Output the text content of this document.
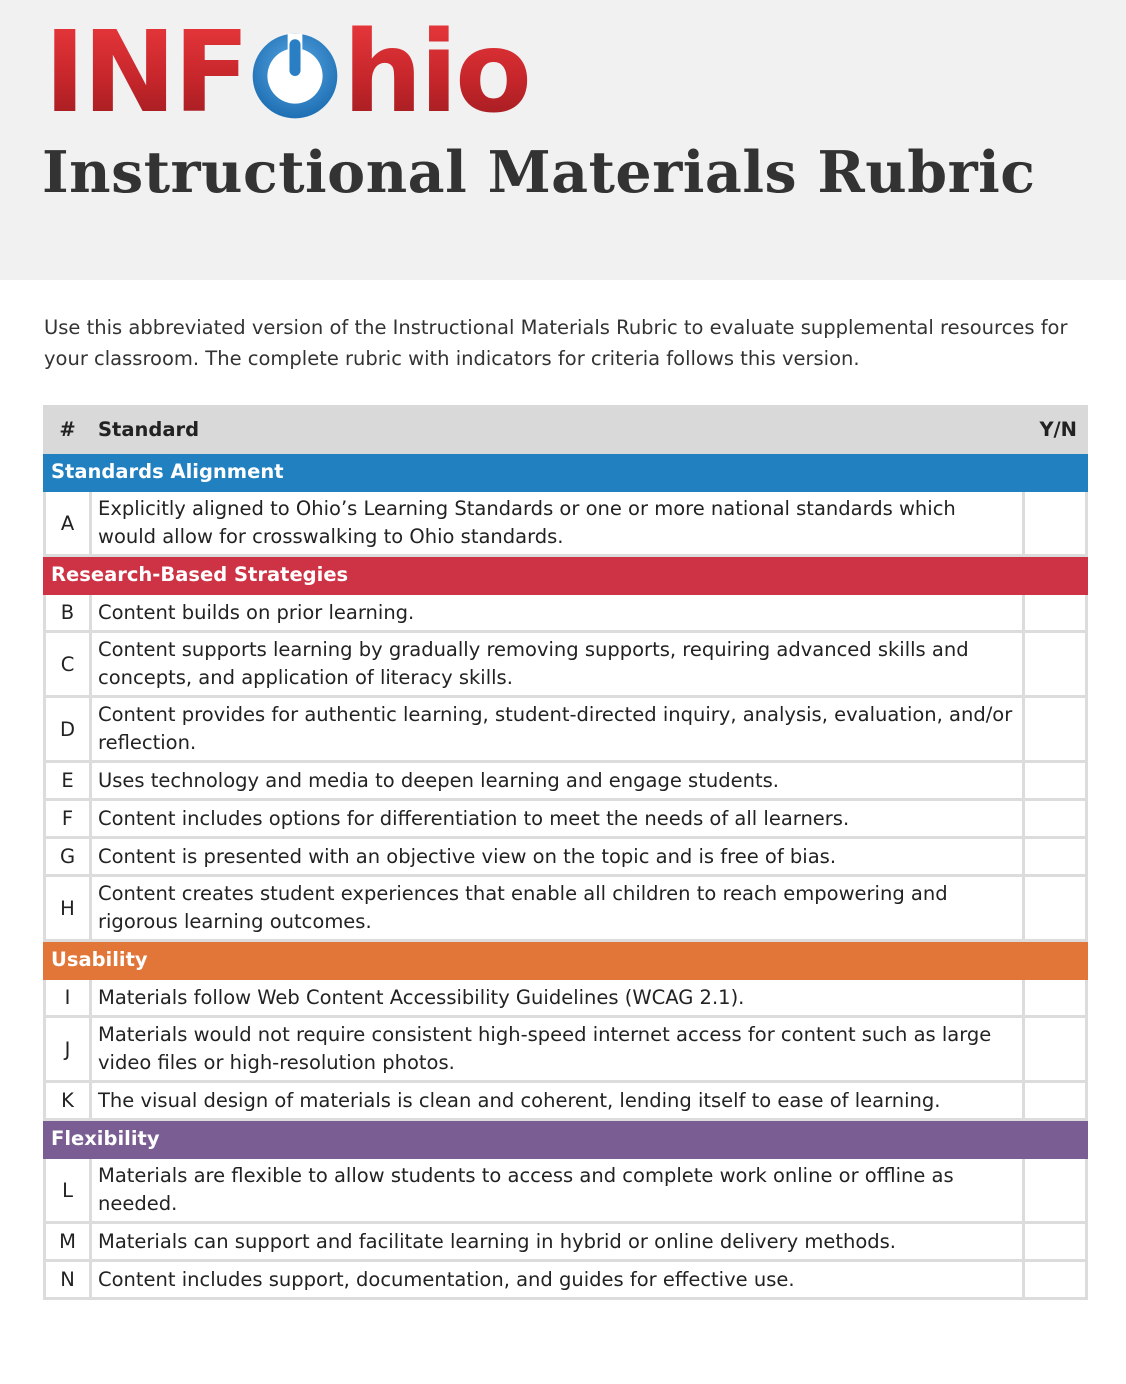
INF hio
Instructional Materials Rubric

Use this abbreviated version of the Instructional Materials Rubric to evaluate supplemental resources for your classroom. The complete rubric with indicators for criteria follows this version.

#	Standard	Y/N
Standards Alignment		
A	Explicitly aligned to Ohio’s Learning Standards or one or more national standards which would allow for crosswalking to Ohio standards.	
Research-Based Strategies		
B	Content builds on prior learning.	
C	Content supports learning by gradually removing supports, requiring advanced skills and concepts, and application of literacy skills.	
D	Content provides for authentic learning, student-directed inquiry, analysis, evaluation, and/or reflection.	
E	Uses technology and media to deepen learning and engage students.	
F	Content includes options for differentiation to meet the needs of all learners.	
G	Content is presented with an objective view on the topic and is free of bias.	
H	Content creates student experiences that enable all children to reach empowering and rigorous learning outcomes.	
Usability		
I	Materials follow Web Content Accessibility Guidelines (WCAG 2.1).	
J	Materials would not require consistent high-speed internet access for content such as large video files or high-resolution photos.	
K	The visual design of materials is clean and coherent, lending itself to ease of learning.	
Flexibility		
L	Materials are flexible to allow students to access and complete work online or offline as needed.	
M	Materials can support and facilitate learning in hybrid or online delivery methods.	
N	Content includes support, documentation, and guides for effective use.	
